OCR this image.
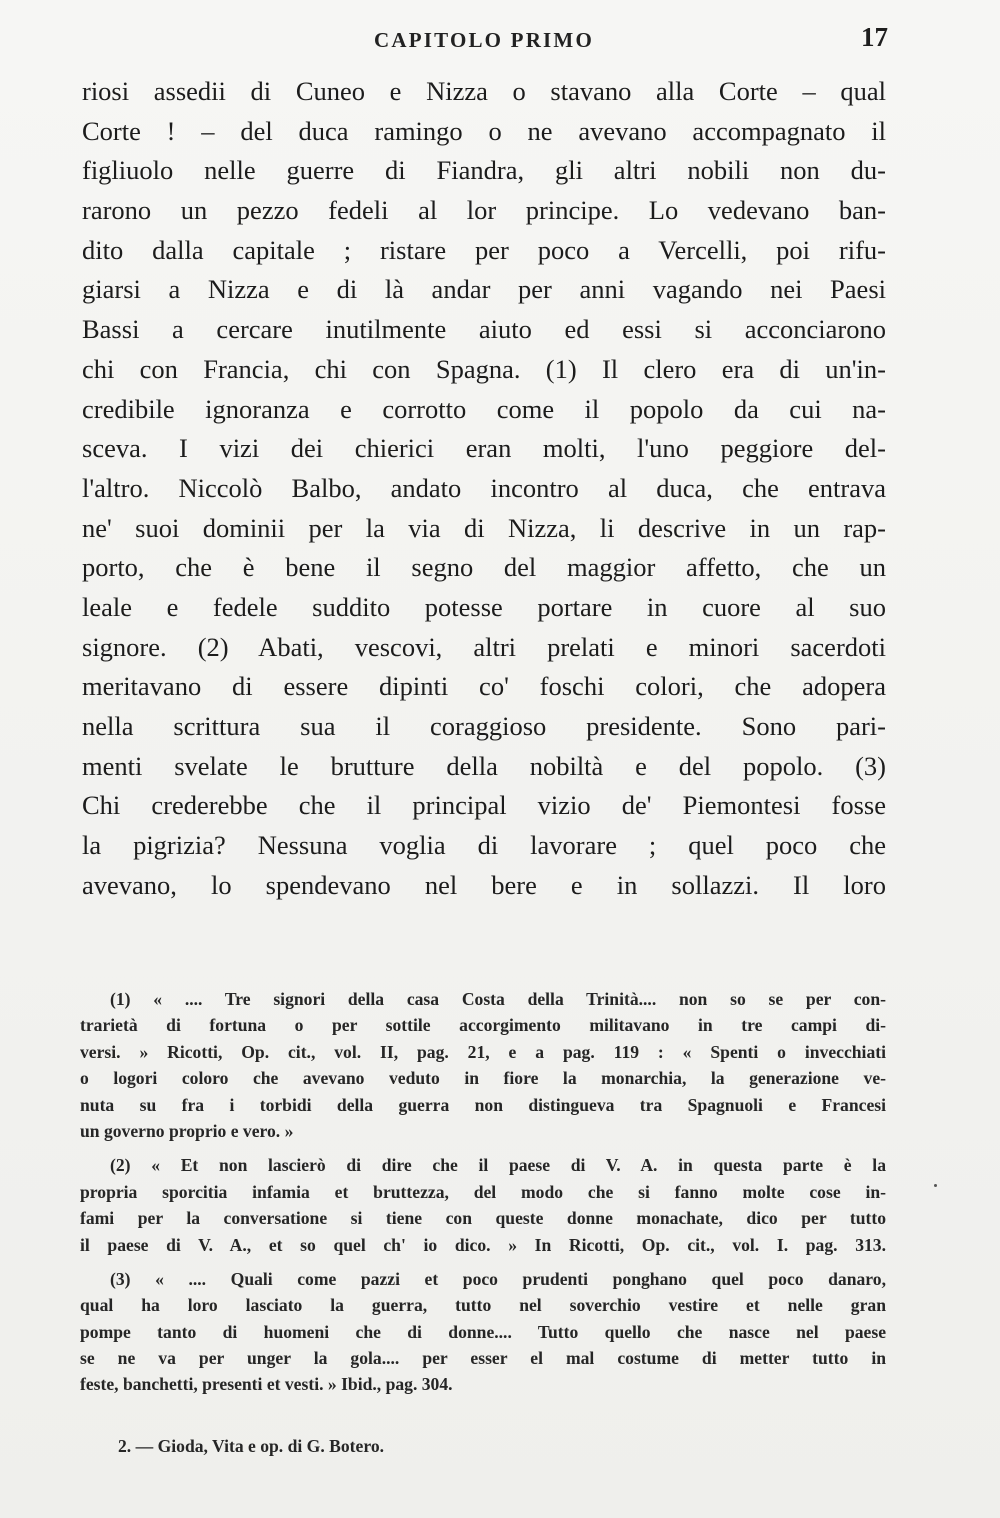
CAPITOLO PRIMO	17
riosi assedii di Cuneo e Nizza o stavano alla Corte – qual
Corte ! – del duca ramingo o ne avevano accompagnato il
figliuolo nelle guerre di Fiandra, gli altri nobili non du-
rarono un pezzo fedeli al lor principe. Lo vedevano ban-
dito dalla capitale ; ristare per poco a Vercelli, poi rifu-
giarsi a Nizza e di là andar per anni vagando nei Paesi
Bassi a cercare inutilmente aiuto ed essi si acconciarono
chi con Francia, chi con Spagna. (1) Il clero era di un'in-
credibile ignoranza e corrotto come il popolo da cui na-
sceva. I vizi dei chierici eran molti, l'uno peggiore del-
l'altro. Niccolò Balbo, andato incontro al duca, che entrava
ne' suoi dominii per la via di Nizza, li descrive in un rap-
porto, che è bene il segno del maggior affetto, che un
leale e fedele suddito potesse portare in cuore al suo
signore. (2) Abati, vescovi, altri prelati e minori sacerdoti
meritavano di essere dipinti co' foschi colori, che adopera
nella scrittura sua il coraggioso presidente. Sono pari-
menti svelate le brutture della nobiltà e del popolo. (3)
Chi crederebbe che il principal vizio de' Piemontesi fosse
la pigrizia? Nessuna voglia di lavorare ; quel poco che
avevano, lo spendevano nel bere e in sollazzi. Il loro
(1) « .... Tre signori della casa Costa della Trinità.... non so se per con-
trarietà di fortuna o per sottile accorgimento militavano in tre campi di-
versi. » Ricotti, Op. cit., vol. II, pag. 21, e a pag. 119 : « Spenti o invecchiati
o logori coloro che avevano veduto in fiore la monarchia, la generazione ve-
nuta su fra i torbidi della guerra non distingueva tra Spagnuoli e Francesi
un governo proprio e vero. »
(2) « Et non lascierò di dire che il paese di V. A. in questa parte è la
propria sporcitia infamia et bruttezza, del modo che si fanno molte cose in-
fami per la conversatione si tiene con queste donne monachate, dico per tutto
il paese di V. A., et so quel ch' io dico. » In Ricotti, Op. cit., vol. I. pag. 313.
(3) « .... Quali come pazzi et poco prudenti ponghano quel poco danaro,
qual ha loro lasciato la guerra, tutto nel soverchio vestire et nelle gran
pompe tanto di huomeni che di donne.... Tutto quello che nasce nel paese
se ne va per unger la gola.... per esser el mal costume di metter tutto in
feste, banchetti, presenti et vesti. » Ibid., pag. 304.
2. — Gioda, Vita e op. di G. Botero.
